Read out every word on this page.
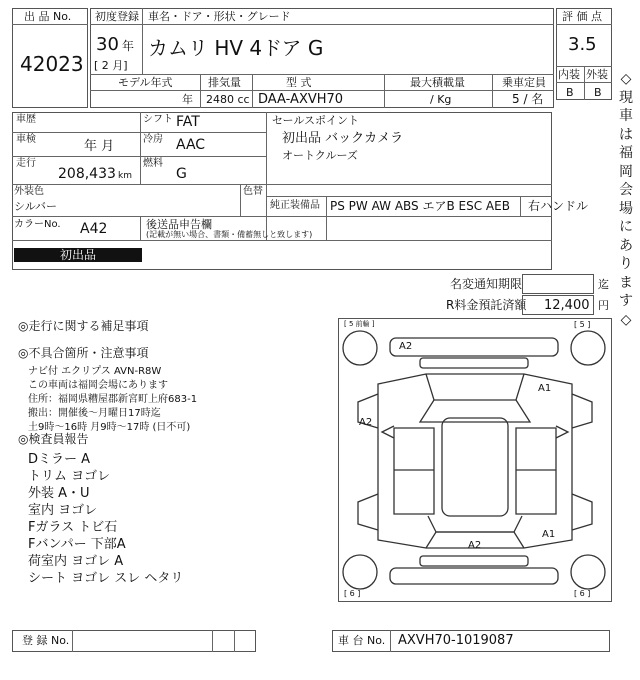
出 品 No.
42023
初度登録
30 年
[ 2 月]
車名・ドア・形状・グレード
カムリ HV 4ドア G
モデル年式
年
排気量
2480 cc
型 式
DAA-AXVH70
最大積載量
/ Kg
乗車定員
5 / 名
評 価 点
3.5
内装 外装
B B
車歴
車検	年 月
走行
208,433 km
シフト FAT
冷房 AAC
燃料
G
セールスポイント
初出品 バックカメラ
オートクルーズ
外装色
シルバー
色替
純正装備品 PS PW AW ABS エアB ESC AEB 右ハンドル
カラーNo. A42	後送品申告欄
(記載が無い場合、書類・備蓄無しと致します)
初出品
名変通知期限	迄
R料金預託済額 12,400 円
◎走行に関する補足事項
◎不具合箇所・注意事項
ナビ付 エクリプス AVN-R8W
この車両は福岡会場にあります
住所：福岡県糟屋郡新宮町上府683-1
搬出：開催後～月曜日17時迄
土9時～16時 月9時～17時 (日不可)
◎検査員報告
Dミラー A
トリム ヨゴレ
外装 A・U
室内 ヨゴレ
Fガラス トビ石
Fバンパー 下部A
荷室内 ヨゴレ A
シート ヨゴレ スレ ヘタリ
[ 5 前輪 ]	[ 5 ]
[ 6 ]	[ 6 ]
A2
A2
A1
A1
A2
◇
現
車
は
福
岡
会
場
に
あ
り
ま
す
◇
登 録 No.	車 台 No. AXVH70-1019087
